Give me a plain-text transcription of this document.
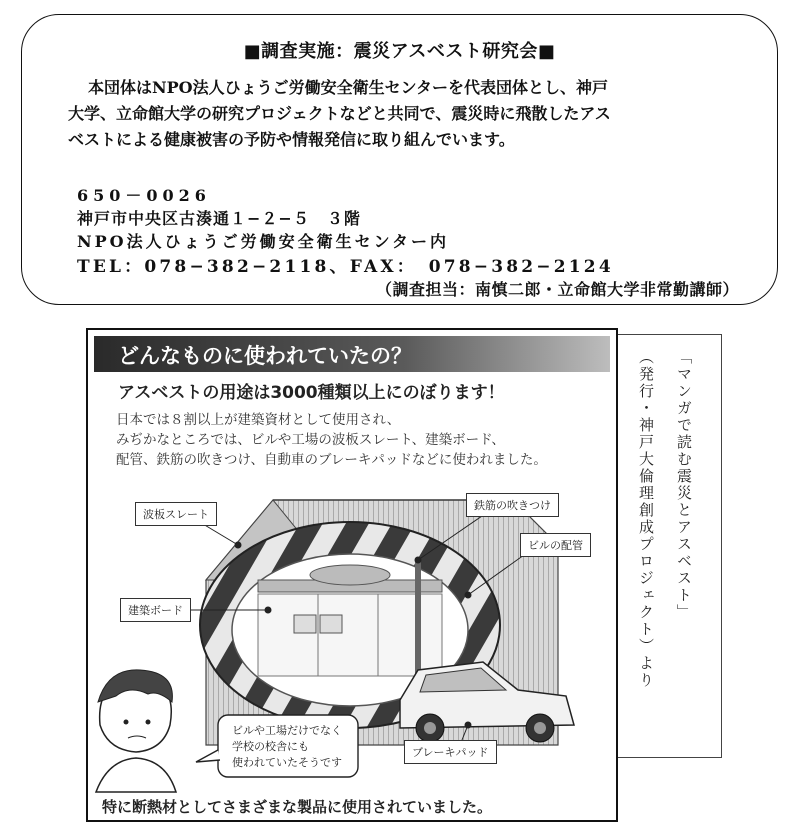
■調査実施：震災アスベスト研究会■
本団体はNPO法人ひょうご労働安全衛生センターを代表団体とし、神戸
大学、立命館大学の研究プロジェクトなどと共同で、震災時に飛散したアス
ベストによる健康被害の予防や情報発信に取り組んでいます。
650－0026
神戸市中央区古湊通１−２−５　３階
NPO法人ひょうご労働安全衛生センター内
TEL：078−382−2118、FAX：　078−382−2124
（調査担当：南慎二郎・立命館大学非常勤講師）
どんなものに使われていたの？
アスベストの用途は3000種類以上にのぼります！
日本では８割以上が建築資材として使用され、
みぢかなところでは、ビルや工場の波板スレート、建築ボード、
配管、鉄筋の吹きつけ、自動車のブレーキパッドなどに使われました。
ビルや工場だけでなく
学校の校舎にも
使われていたそうです
波板スレート
鉄筋の吹きつけ
ビルの配管
建築ボード
ブレーキパッド
特に断熱材としてさまざまな製品に使用されていました。
「マンガで読む震災とアスベスト」
（発行・神戸大倫理創成プロジェクト）より
